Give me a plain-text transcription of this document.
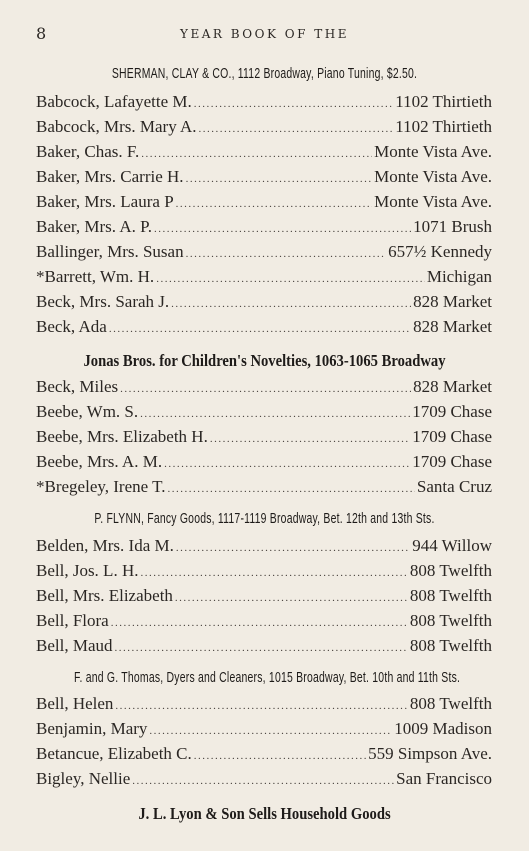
8	YEAR BOOK OF THE
SHERMAN, CLAY & CO., 1112 Broadway, Piano Tuning, $2.50.
Babcock, Lafayette M. .....	1102 Thirtieth
Babcock, Mrs. Mary A. .....	1102 Thirtieth
Baker, Chas. F. .....	Monte Vista Ave.
Baker, Mrs. Carrie H. .....	Monte Vista Ave.
Baker, Mrs. Laura P .....	Monte Vista Ave.
Baker, Mrs. A. P. .....	1071 Brush
Ballinger, Mrs. Susan .....	657½ Kennedy
*Barrett, Wm. H. .....	Michigan
Beck, Mrs. Sarah J. .....	828 Market
Beck, Ada .....	828 Market
Jonas Bros. for Children's Novelties, 1063-1065 Broadway
Beck, Miles .....	828 Market
Beebe, Wm. S. .....	1709 Chase
Beebe, Mrs. Elizabeth H. .....	1709 Chase
Beebe, Mrs. A. M. .....	1709 Chase
*Bregeley, Irene T. .....	Santa Cruz
P. FLYNN, Fancy Goods, 1117-1119 Broadway, Bet. 12th and 13th Sts.
Belden, Mrs. Ida M. .....	944 Willow
Bell, Jos. L. H. .....	808 Twelfth
Bell, Mrs. Elizabeth .....	808 Twelfth
Bell, Flora .....	808 Twelfth
Bell, Maud .....	808 Twelfth
F. and G. Thomas, Dyers and Cleaners, 1015 Broadway, Bet. 10th and 11th Sts.
Bell, Helen .....	808 Twelfth
Benjamin, Mary .....	1009 Madison
Betancue, Elizabeth C. .....	559 Simpson Ave.
Bigley, Nellie .....	San Francisco
J. L. Lyon & Son Sells Household Goods
